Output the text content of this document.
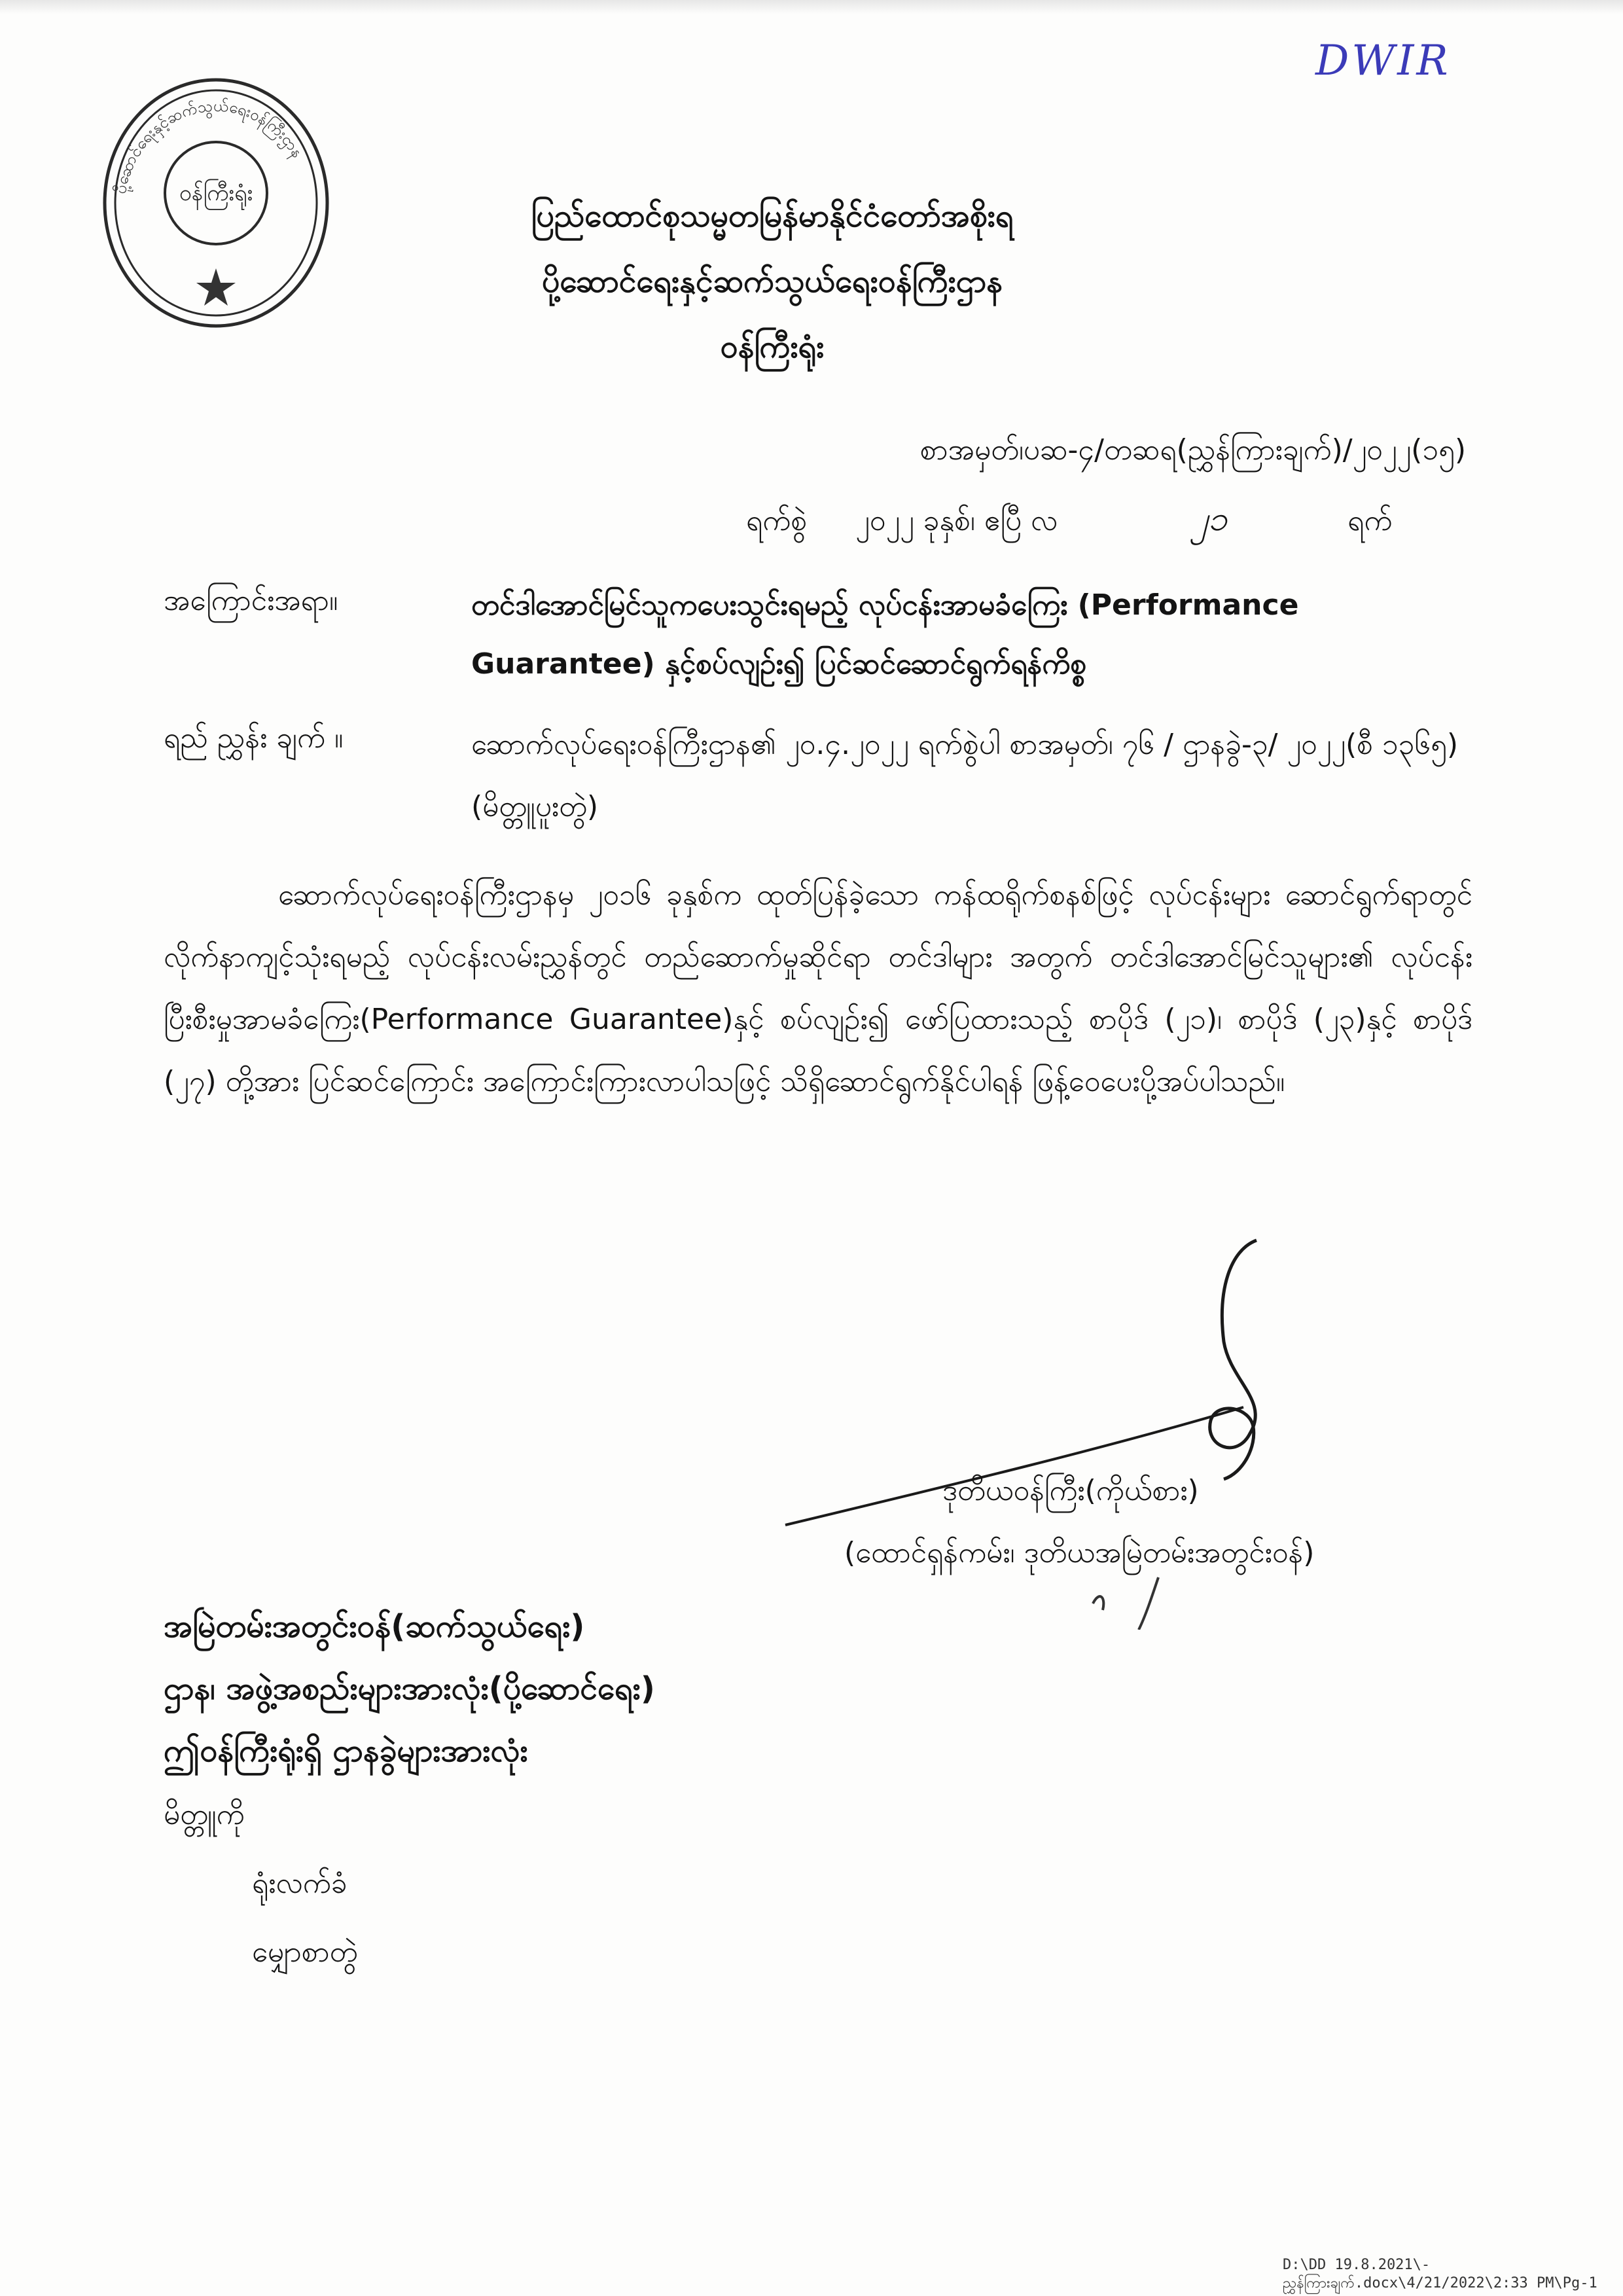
ဝန်ကြီးရုံး
ပို့ဆောင်ရေးနှင့်ဆက်သွယ်ရေးဝန်ကြီးဌာန
DWIR
ပြည်ထောင်စုသမ္မတမြန်မာနိုင်ငံတော်အစိုးရ
ပို့ဆောင်ရေးနှင့်ဆက်သွယ်ရေးဝန်ကြီးဌာန
ဝန်ကြီးရုံး
စာအမှတ်၊ပဆ-၄/တဆရ(ညွှန်ကြားချက်)/၂၀၂၂(၁၅)
ရက်စွဲ ၂၀၂၂ ခုနှစ်၊ ဧပြီ လ	၂၁	ရက်
အကြောင်းအရာ။	တင်ဒါအောင်မြင်သူကပေးသွင်းရမည့် လုပ်ငန်းအာမခံကြေး (Performance Guarantee) နှင့်စပ်လျဉ်း၍ ပြင်ဆင်ဆောင်ရွက်ရန်ကိစ္စ
ရည် ညွှန်း ချက် ။	ဆောက်လုပ်ရေးဝန်ကြီးဌာန၏ ၂၀.၄.၂၀၂၂ ရက်စွဲပါ စာအမှတ်၊ ၇၆ / ဌာနခွဲ-၃/ ၂၀၂၂(စီ ၁၃၆၅) (မိတ္တူပူးတွဲ)
ဆောက်လုပ်ရေးဝန်ကြီးဌာနမှ ၂၀၁၆ ခုနှစ်က ထုတ်ပြန်ခဲ့သော ကန်ထရိုက်စနစ်ဖြင့် လုပ်ငန်းများ ဆောင်ရွက်ရာတွင် လိုက်နာကျင့်သုံးရမည့် လုပ်ငန်းလမ်းညွှန်တွင် တည်ဆောက်မှုဆိုင်ရာ တင်ဒါများ အတွက် တင်ဒါအောင်မြင်သူများ၏ လုပ်ငန်းပြီးစီးမှုအာမခံကြေး(Performance Guarantee)နှင့် စပ်လျဉ်း၍ ဖော်ပြထားသည့် စာပိုဒ် (၂၁)၊ စာပိုဒ် (၂၃)နှင့် စာပိုဒ် (၂၇) တို့အား ပြင်ဆင်ကြောင်း အကြောင်းကြားလာပါသဖြင့် သိရှိဆောင်ရွက်နိုင်ပါရန် ဖြန့်ဝေပေးပို့အပ်ပါသည်။
ဒုတိယဝန်ကြီး(ကိုယ်စား)
(ထောင်ရှန်ကမ်း၊ ဒုတိယအမြဲတမ်းအတွင်းဝန်)
အမြဲတမ်းအတွင်းဝန်(ဆက်သွယ်ရေး)
ဌာန၊ အဖွဲ့အစည်းများအားလုံး(ပို့ဆောင်ရေး)
ဤဝန်ကြီးရုံးရှိ ဌာနခွဲများအားလုံး
မိတ္တူကို
ရုံးလက်ခံ
မျှောစာတွဲ
D:\DD 19.8.2021\-ညွှန်ကြားချက်.docx\4/21/2022\2:33 PM\Pg-1
